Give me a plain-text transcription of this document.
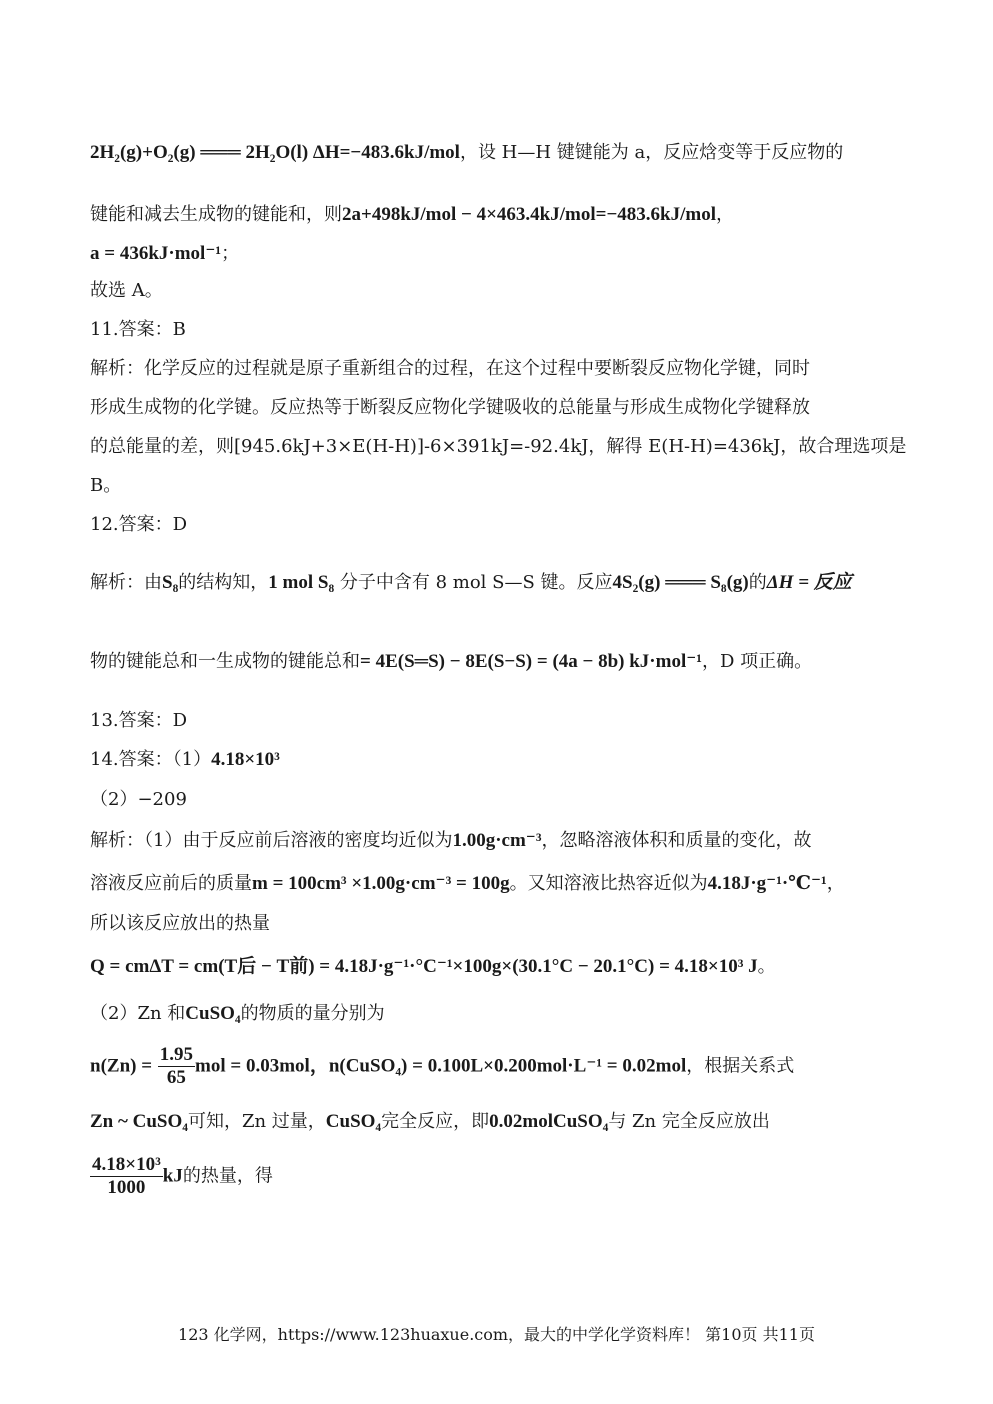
2H₂(g)+O₂(g) ═══ 2H₂O(l) ΔH=−483.6kJ/mol，设 H—H 键键能为 a，反应焓变等于反应物的
键能和减去生成物的键能和，则2a+498kJ/mol − 4×463.4kJ/mol=−483.6kJ/mol，
a = 436kJ·mol⁻¹；
故选 A。
11.答案：B
解析：化学反应的过程就是原子重新组合的过程，在这个过程中要断裂反应物化学键，同时
形成生成物的化学键。反应热等于断裂反应物化学键吸收的总能量与形成生成物化学键释放
的总能量的差，则[945.6kJ+3×E(H-H)]-6×391kJ=-92.4kJ，解得 E(H-H)=436kJ，故合理选项是
B。
12.答案：D
解析：由S₈的结构知，1 mol S₈ 分子中含有 8 mol S—S 键。反应4S₂(g) ═══ S₈(g)的ΔH = 反应
物的键能总和一生成物的键能总和= 4E(S═S) − 8E(S−S) = (4a − 8b) kJ·mol⁻¹，D 项正确。
13.答案：D
14.答案：（1）4.18×10³
（2）−209
解析：（1）由于反应前后溶液的密度均近似为1.00g·cm⁻³，忽略溶液体积和质量的变化，故
溶液反应前后的质量m = 100cm³ ×1.00g·cm⁻³ = 100g。又知溶液比热容近似为4.18J·g⁻¹·℃⁻¹，
所以该反应放出的热量
Q = cmΔT = cm(T后 − T前) = 4.18J·g⁻¹·°C⁻¹×100g×(30.1°C − 20.1°C) = 4.18×10³ J。
（2）Zn 和CuSO₄的物质的量分别为
$n(Zn) = \frac{1.95}{65}$ mol = 0.03mol，n(CuSO₄) = 0.100L×0.200mol·L⁻¹ = 0.02mol，根据关系式
Zn ~ CuSO₄可知，Zn 过量，CuSO₄完全反应，即0.02molCuSO₄与 Zn 完全反应放出
$\frac{\text{4.18×10³}}{1000}$ kJ的热量，得
123 化学网，https://www.123huaxue.com，最大的中学化学资料库！ 第10页 共11页
